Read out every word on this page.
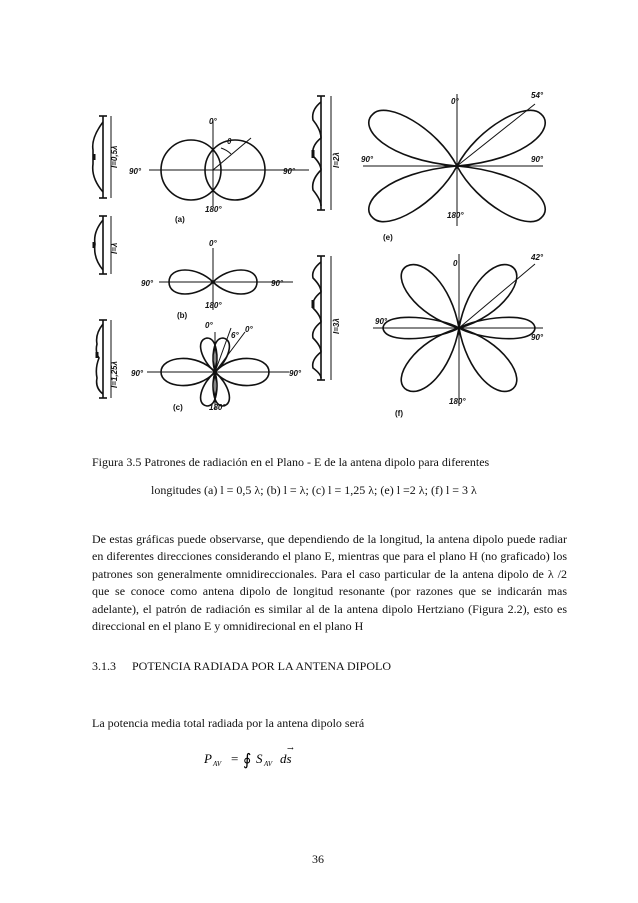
l=0,5λ
0°
90°	90°
180°
θ
(a)
l=λ	0°
90°	90°
180°
(b)
l=1,25λ
0°
6°
0°
90°	90°
180°
(c)
l=2λ
0°
54°
90°	90°
180°
(e)
l=3λ
0
42°
90°
90°
180°
(f)
Figura 3.5 Patrones de radiación en el Plano - E de la antena dipolo para diferentes
longitudes (a) l = 0,5 λ; (b) l = λ; (c) l = 1,25 λ; (e) l =2 λ; (f) l = 3 λ
De estas gráficas puede observarse, que dependiendo de la longitud, la antena dipolo puede radiar en diferentes direcciones considerando el plano E, mientras que para el plano H (no graficado) los patrones son generalmente omnidireccionales. Para el caso particular de la antena dipolo de λ /2 que se conoce como antena dipolo de longitud resonante (por razones que se indicarán mas adelante), el patrón de radiación es similar al de la antena dipolo Hertziano (Figura 2.2), esto es direccional en el plano E y omnidirecional en el plano H
3.1.3 POTENCIA RADIADA POR LA ANTENA DIPOLO
La potencia media total radiada por la antena dipolo será
P AV = ∮ S AV ds
→
36
